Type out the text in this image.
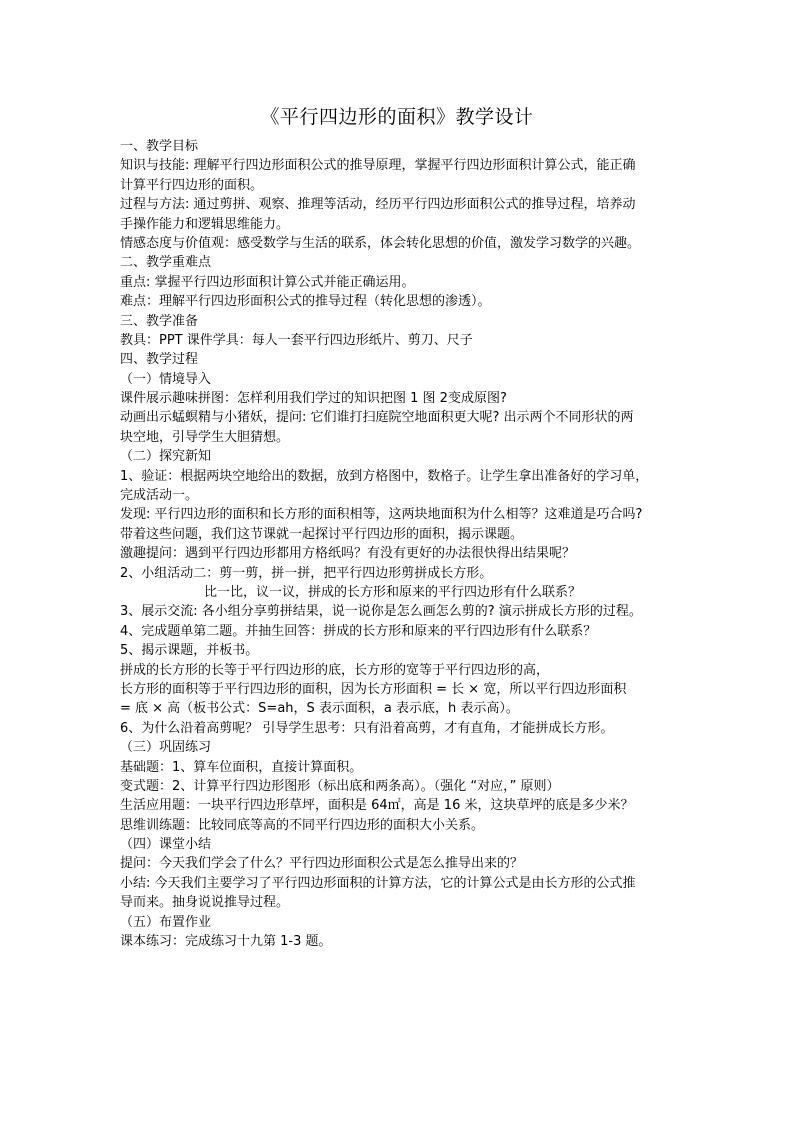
《平行四边形的面积》教学设计
一、教学目标
知识与技能: 理解平行四边形面积公式的推导原理，掌握平行四边形面积计算公式，能正确
计算平行四边形的面积。
过程与方法: 通过剪拼、观察、推理等活动，经历平行四边形面积公式的推导过程，培养动
手操作能力和逻辑思维能力。
情感态度与价值观：感受数学与生活的联系，体会转化思想的价值，激发学习数学的兴趣。
二、教学重难点
重点: 掌握平行四边形面积计算公式并能正确运用。
难点：理解平行四边形面积公式的推导过程（转化思想的渗透）。
三、教学准备
教具：PPT 课件学具：每人一套平行四边形纸片、剪刀、尺子
四、教学过程
（一）情境导入
课件展示趣味拼图：怎样利用我们学过的知识把图 1 图 2变成原图?
动画出示蜢螟精与小猪妖，提问: 它们谁打扫庭院空地面积更大呢? 出示两个不同形状的两
块空地，引导学生大胆猜想。
（二）探究新知
1、验证：根据两块空地给出的数据，放到方格图中，数格子。让学生拿出准备好的学习单，
完成活动一。
发现: 平行四边形的面积和长方形的面积相等，这两块地面积为什么相等？这难道是巧合吗?
带着这些问题，我们这节课就一起探讨平行四边形的面积，揭示课题。
激趣提问：遇到平行四边形都用方格纸吗？有没有更好的办法很快得出结果呢？
2、小组活动二：剪一剪，拼一拼，把平行四边形剪拼成长方形。
比一比，议一议，拼成的长方形和原来的平行四边形有什么联系？
3、展示交流: 各小组分享剪拼结果，说一说你是怎么画怎么剪的? 演示拼成长方形的过程。
4、完成题单第二题。并抽生回答：拼成的长方形和原来的平行四边形有什么联系？
5、揭示课题，并板书。
拼成的长方形的长等于平行四边形的底，长方形的宽等于平行四边形的高，
长方形的面积等于平行四边形的面积，因为长方形面积 = 长 × 宽，所以平行四边形面积
= 底 × 高（板书公式：S=ah，S 表示面积，a 表示底，h 表示高）。
6、为什么沿着高剪呢？ 引导学生思考：只有沿着高剪，才有直角，才能拼成长方形。
（三）巩固练习
基础题：1、算车位面积，直接计算面积。
变式题：2、计算平行四边形图形（标出底和两条高）。（强化 “对应，” 原则）
生活应用题：一块平行四边形草坪，面积是 64㎡，高是 16 米，这块草坪的底是多少米？
思维训练题：比较同底等高的不同平行四边形的面积大小关系。
（四）课堂小结
提问：今天我们学会了什么？平行四边形面积公式是怎么推导出来的？
小结: 今天我们主要学习了平行四边形面积的计算方法，它的计算公式是由长方形的公式推
导而来。抽身说说推导过程。
（五）布置作业
课本练习：完成练习十九第 1-3 题。
